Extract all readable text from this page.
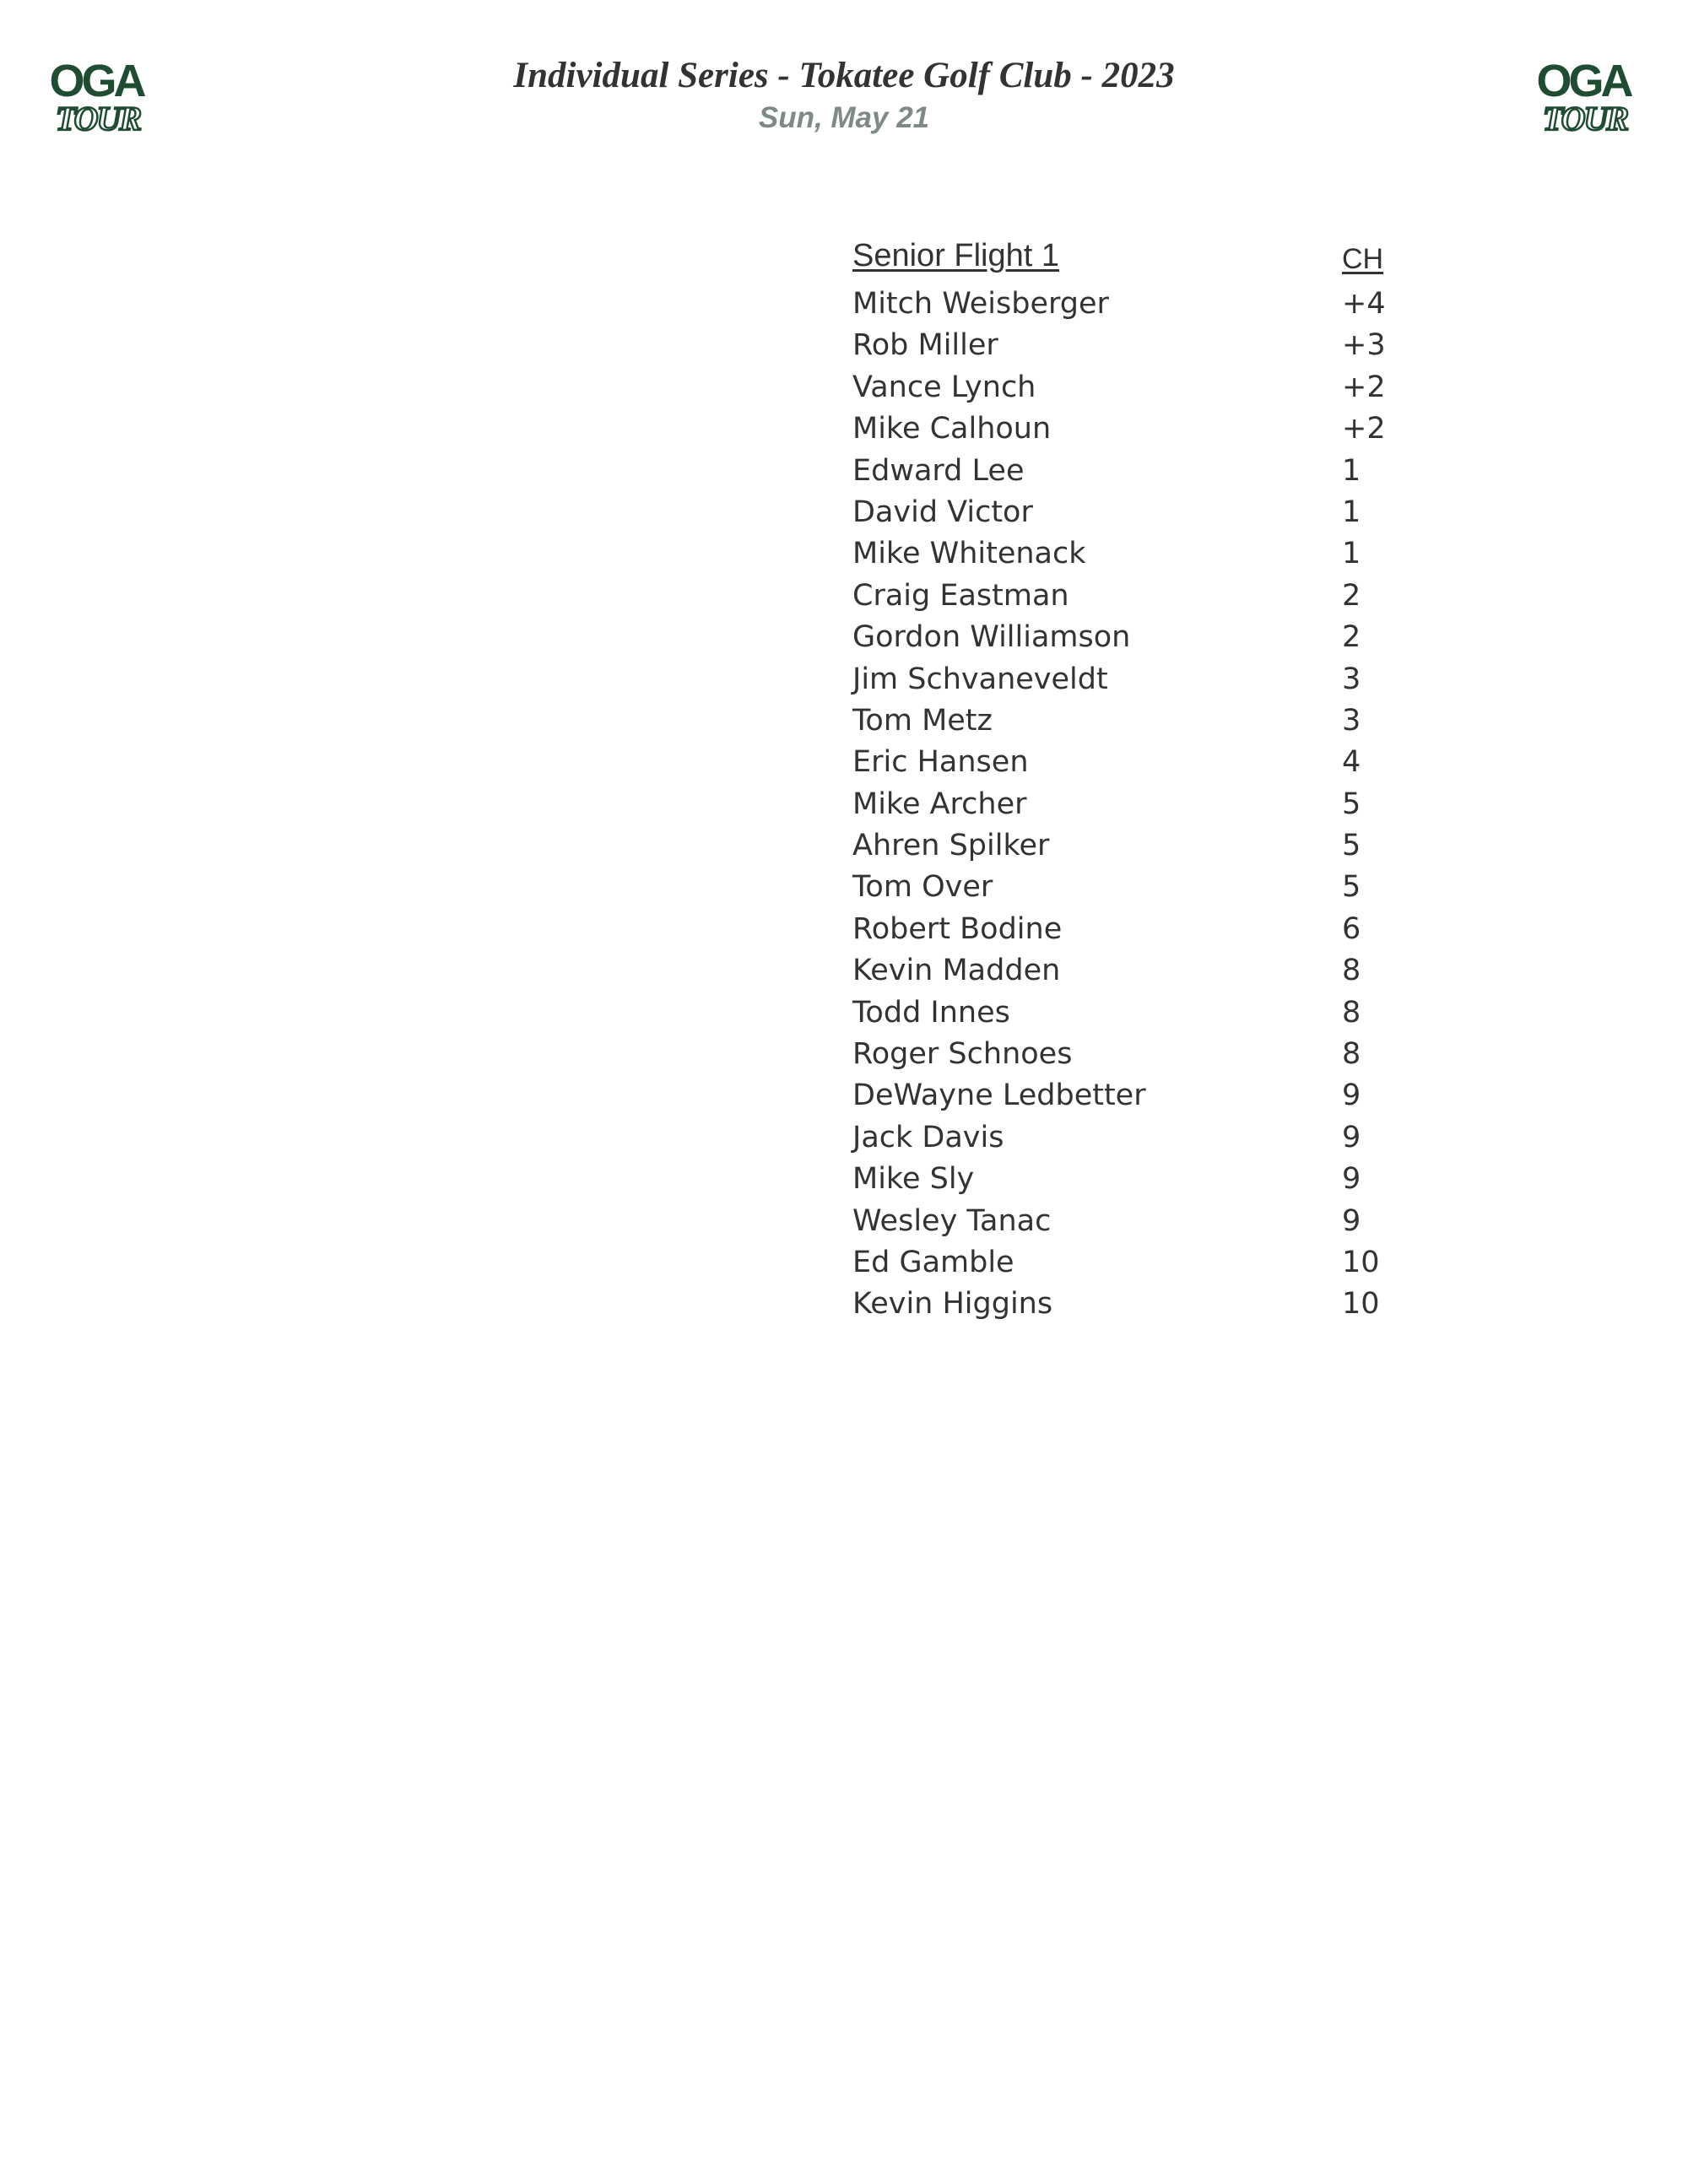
OGA
TOUR
OGA
TOUR
Individual Series - Tokatee Golf Club - 2023
Sun, May 21
Senior Flight 1	CH
Mitch Weisberger	+4
Rob Miller	+3
Vance Lynch	+2
Mike Calhoun	+2
Edward Lee	1
David Victor	1
Mike Whitenack	1
Craig Eastman	2
Gordon Williamson	2
Jim Schvaneveldt	3
Tom Metz	3
Eric Hansen	4
Mike Archer	5
Ahren Spilker	5
Tom Over	5
Robert Bodine	6
Kevin Madden	8
Todd Innes	8
Roger Schnoes	8
DeWayne Ledbetter	9
Jack Davis	9
Mike Sly	9
Wesley Tanac	9
Ed Gamble	10
Kevin Higgins	10
